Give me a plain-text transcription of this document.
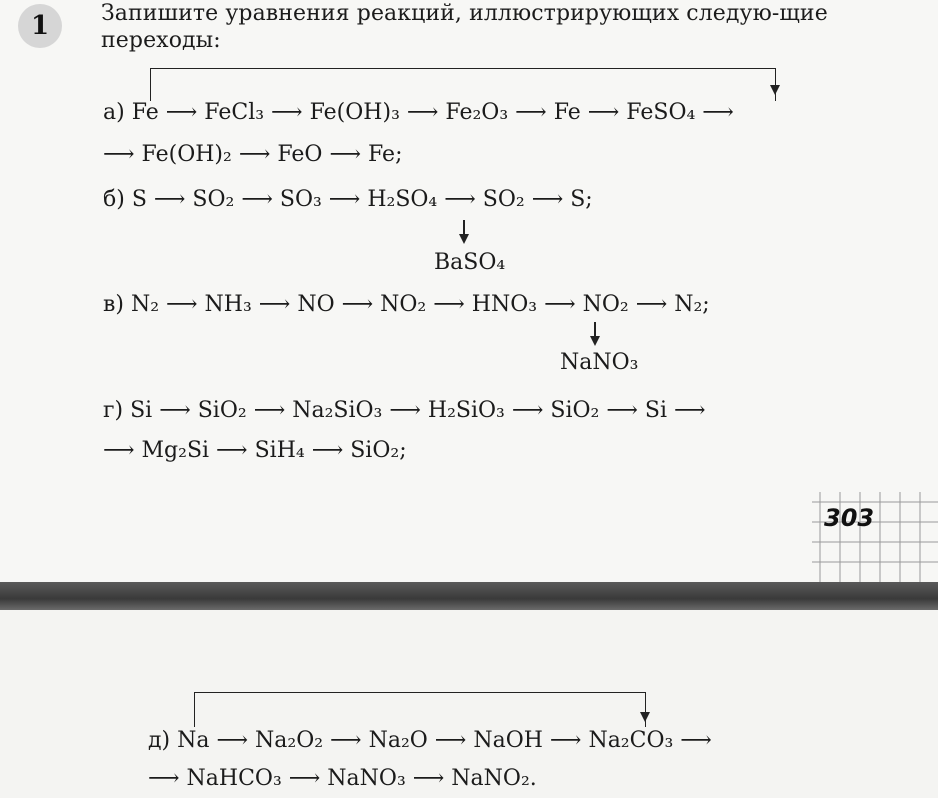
1	Запишите уравнения реакций, иллюстрирующих следую-щие переходы:
а) Fe ⟶ FeCl₃ ⟶ Fe(OH)₃ ⟶ Fe₂O₃ ⟶ Fe ⟶ FeSO₄ ⟶
⟶ Fe(OH)₂ ⟶ FeO ⟶ Fe;
б) S ⟶ SO₂ ⟶ SO₃ ⟶ H₂SO₄ ⟶ SO₂ ⟶ S;
BaSO₄
в) N₂ ⟶ NH₃ ⟶ NO ⟶ NO₂ ⟶ HNO₃ ⟶ NO₂ ⟶ N₂;
NaNO₃
г) Si ⟶ SiO₂ ⟶ Na₂SiO₃ ⟶ H₂SiO₃ ⟶ SiO₂ ⟶ Si ⟶
⟶ Mg₂Si ⟶ SiH₄ ⟶ SiO₂;
303
д) Na ⟶ Na₂O₂ ⟶ Na₂O ⟶ NaOH ⟶ Na₂CO₃ ⟶
⟶ NaHCO₃ ⟶ NaNO₃ ⟶ NaNO₂.
